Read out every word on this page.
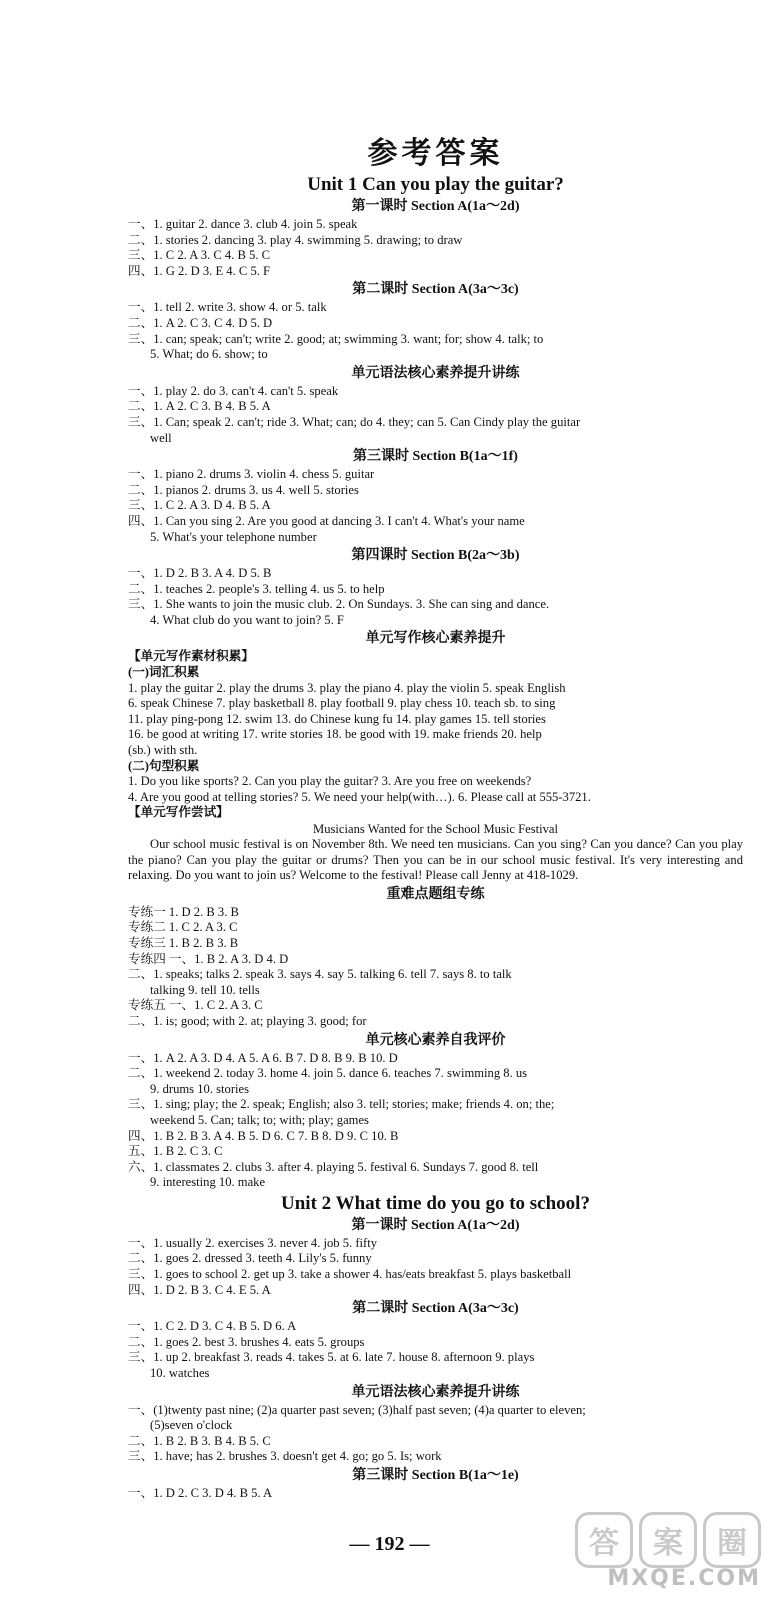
参考答案
Unit 1 Can you play the guitar?
第一课时 Section A(1a～2d)
一、1. guitar 2. dance 3. club 4. join 5. speak
二、1. stories 2. dancing 3. play 4. swimming 5. drawing; to draw
三、1. C 2. A 3. C 4. B 5. C
四、1. G 2. D 3. E 4. C 5. F
第二课时 Section A(3a～3c)
一、1. tell 2. write 3. show 4. or 5. talk
二、1. A 2. C 3. C 4. D 5. D
三、1. can; speak; can't; write 2. good; at; swimming 3. want; for; show 4. talk; to
5. What; do 6. show; to
单元语法核心素养提升讲练
一、1. play 2. do 3. can't 4. can't 5. speak
二、1. A 2. C 3. B 4. B 5. A
三、1. Can; speak 2. can't; ride 3. What; can; do 4. they; can 5. Can Cindy play the guitar
well
第三课时 Section B(1a～1f)
一、1. piano 2. drums 3. violin 4. chess 5. guitar
二、1. pianos 2. drums 3. us 4. well 5. stories
三、1. C 2. A 3. D 4. B 5. A
四、1. Can you sing 2. Are you good at dancing 3. I can't 4. What's your name
5. What's your telephone number
第四课时 Section B(2a～3b)
一、1. D 2. B 3. A 4. D 5. B
二、1. teaches 2. people's 3. telling 4. us 5. to help
三、1. She wants to join the music club. 2. On Sundays. 3. She can sing and dance.
4. What club do you want to join? 5. F
单元写作核心素养提升
【单元写作素材积累】
(一)词汇积累
1. play the guitar 2. play the drums 3. play the piano 4. play the violin 5. speak English
6. speak Chinese 7. play basketball 8. play football 9. play chess 10. teach sb. to sing
11. play ping-pong 12. swim 13. do Chinese kung fu 14. play games 15. tell stories
16. be good at writing 17. write stories 18. be good with 19. make friends 20. help
(sb.) with sth.
(二)句型积累
1. Do you like sports? 2. Can you play the guitar? 3. Are you free on weekends?
4. Are you good at telling stories? 5. We need your help(with…). 6. Please call at 555-3721.
【单元写作尝试】
Musicians Wanted for the School Music Festival

Our school music festival is on November 8th. We need ten musicians. Can you sing? Can you dance? Can you play the piano? Can you play the guitar or drums? Then you can be in our school music festival. It's very interesting and relaxing. Do you want to join us? Welcome to the festival! Please call Jenny at 418-1029.

重难点题组专练
专练一 1. D 2. B 3. B
专练二 1. C 2. A 3. C
专练三 1. B 2. B 3. B
专练四 一、1. B 2. A 3. D 4. D
二、1. speaks; talks 2. speak 3. says 4. say 5. talking 6. tell 7. says 8. to talk
talking 9. tell 10. tells
专练五 一、1. C 2. A 3. C
二、1. is; good; with 2. at; playing 3. good; for
单元核心素养自我评价
一、1. A 2. A 3. D 4. A 5. A 6. B 7. D 8. B 9. B 10. D
二、1. weekend 2. today 3. home 4. join 5. dance 6. teaches 7. swimming 8. us
9. drums 10. stories
三、1. sing; play; the 2. speak; English; also 3. tell; stories; make; friends 4. on; the;
weekend 5. Can; talk; to; with; play; games
四、1. B 2. B 3. A 4. B 5. D 6. C 7. B 8. D 9. C 10. B
五、1. B 2. C 3. C
六、1. classmates 2. clubs 3. after 4. playing 5. festival 6. Sundays 7. good 8. tell
9. interesting 10. make
Unit 2 What time do you go to school?
第一课时 Section A(1a～2d)
一、1. usually 2. exercises 3. never 4. job 5. fifty
二、1. goes 2. dressed 3. teeth 4. Lily's 5. funny
三、1. goes to school 2. get up 3. take a shower 4. has/eats breakfast 5. plays basketball
四、1. D 2. B 3. C 4. E 5. A
第二课时 Section A(3a～3c)
一、1. C 2. D 3. C 4. B 5. D 6. A
二、1. goes 2. best 3. brushes 4. eats 5. groups
三、1. up 2. breakfast 3. reads 4. takes 5. at 6. late 7. house 8. afternoon 9. plays
10. watches
单元语法核心素养提升讲练
一、(1)twenty past nine; (2)a quarter past seven; (3)half past seven; (4)a quarter to eleven;
(5)seven o'clock
二、1. B 2. B 3. B 4. B 5. C
三、1. have; has 2. brushes 3. doesn't get 4. go; go 5. Is; work
第三课时 Section B(1a～1e)
一、1. D 2. C 3. D 4. B 5. A
— 192 —	答	案	圈
MXQE.COM
